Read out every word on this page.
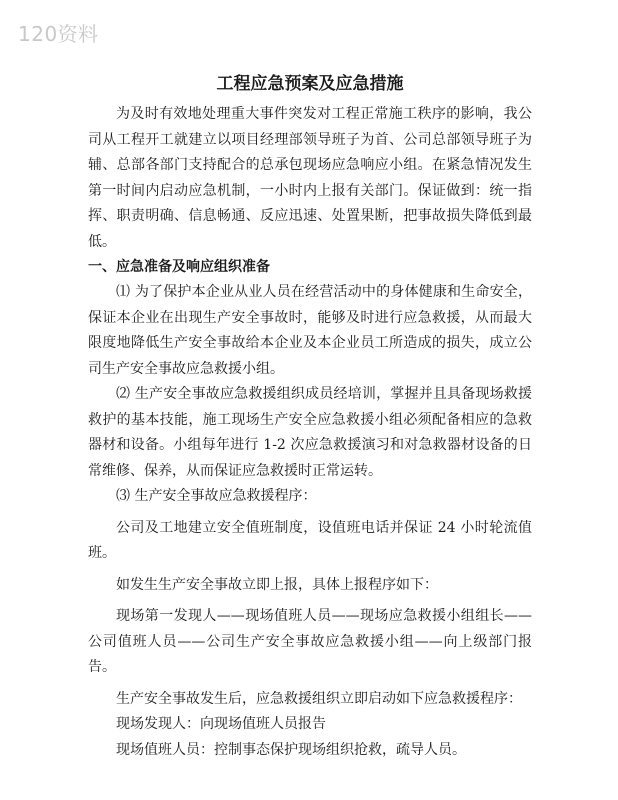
120资料
工程应急预案及应急措施

为及时有效地处理重大事件突发对工程正常施工秩序的影响，我公司从工程开工就建立以项目经理部领导班子为首、公司总部领导班子为辅、总部各部门支持配合的总承包现场应急响应小组。在紧急情况发生第一时间内启动应急机制，一小时内上报有关部门。保证做到：统一指挥、职责明确、信息畅通、反应迅速、处置果断，把事故损失降低到最低。

一、应急准备及响应组织准备

⑴ 为了保护本企业从业人员在经营活动中的身体健康和生命安全，保证本企业在出现生产安全事故时，能够及时进行应急救援，从而最大限度地降低生产安全事故给本企业及本企业员工所造成的损失，成立公司生产安全事故应急救援小组。

⑵ 生产安全事故应急救援组织成员经培训，掌握并且具备现场救援救护的基本技能，施工现场生产安全应急救援小组必须配备相应的急救器材和设备。小组每年进行 1-2 次应急救援演习和对急救器材设备的日常维修、保养，从而保证应急救援时正常运转。

⑶ 生产安全事故应急救援程序：

公司及工地建立安全值班制度，设值班电话并保证 24 小时轮流值班。

如发生生产安全事故立即上报，具体上报程序如下：

现场第一发现人——现场值班人员——现场应急救援小组组长——公司值班人员——公司生产安全事故应急救援小组——向上级部门报告。

生产安全事故发生后，应急救援组织立即启动如下应急救援程序：

现场发现人：向现场值班人员报告

现场值班人员：控制事态保护现场组织抢救，疏导人员。
